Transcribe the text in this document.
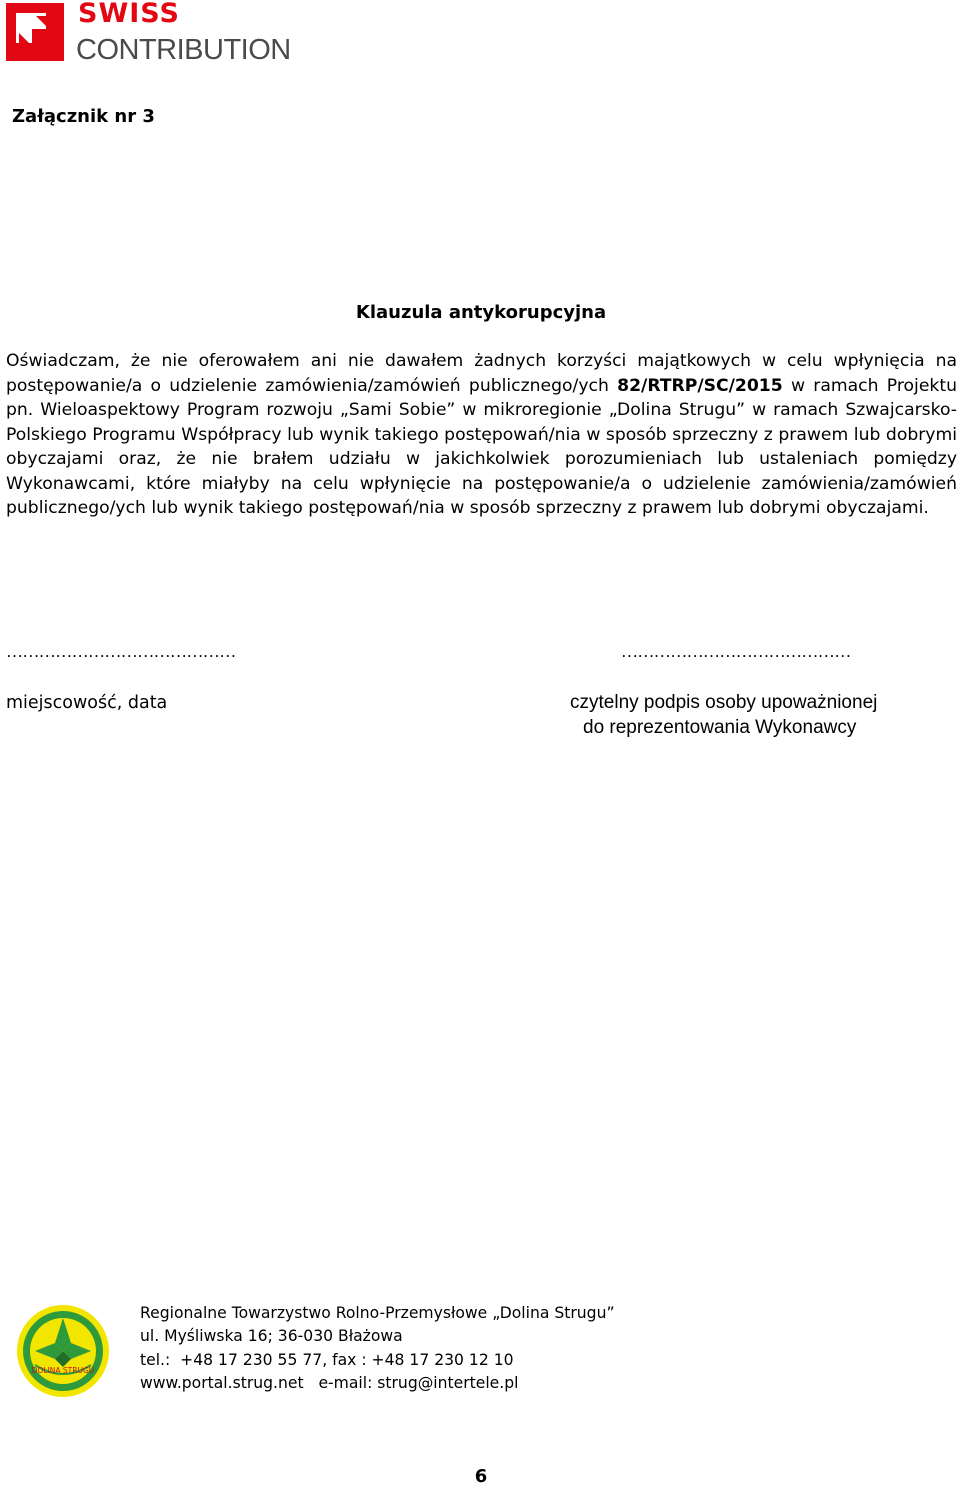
SWISS
CONTRIBUTION
Załącznik nr 3
Klauzula antykorupcyjna

Oświadczam, że nie oferowałem ani nie dawałem żadnych korzyści majątkowych w celu wpłynięcia na postępowanie/a o udzielenie zamówienia/zamówień publicznego/ych 82/RTRP/SC/2015 w ramach Projektu pn. Wieloaspektowy Program rozwoju „Sami Sobie” w mikroregionie „Dolina Strugu” w ramach Szwajcarsko-Polskiego Programu Współpracy lub wynik takiego postępowań/nia w sposób sprzeczny z prawem lub dobrymi obyczajami oraz, że nie brałem udziału w jakichkolwiek porozumieniach lub ustaleniach pomiędzy Wykonawcami, które miałyby na celu wpłynięcie na postępowanie/a o udzielenie zamówienia/zamówień publicznego/ych lub wynik takiego postępowań/nia w sposób sprzeczny z prawem lub dobrymi obyczajami.

……………………………………	……………………………………
miejscowość, data	czytelny podpis osoby upoważnionej
do reprezentowania Wykonawcy
DOLINA STRUGU
Regionalne Towarzystwo Rolno-Przemysłowe „Dolina Strugu”
ul. Myśliwska 16; 36-030 Błażowa
tel.:  +48 17 230 55 77, fax : +48 17 230 12 10
www.portal.strug.net   e-mail: strug@intertele.pl
6
